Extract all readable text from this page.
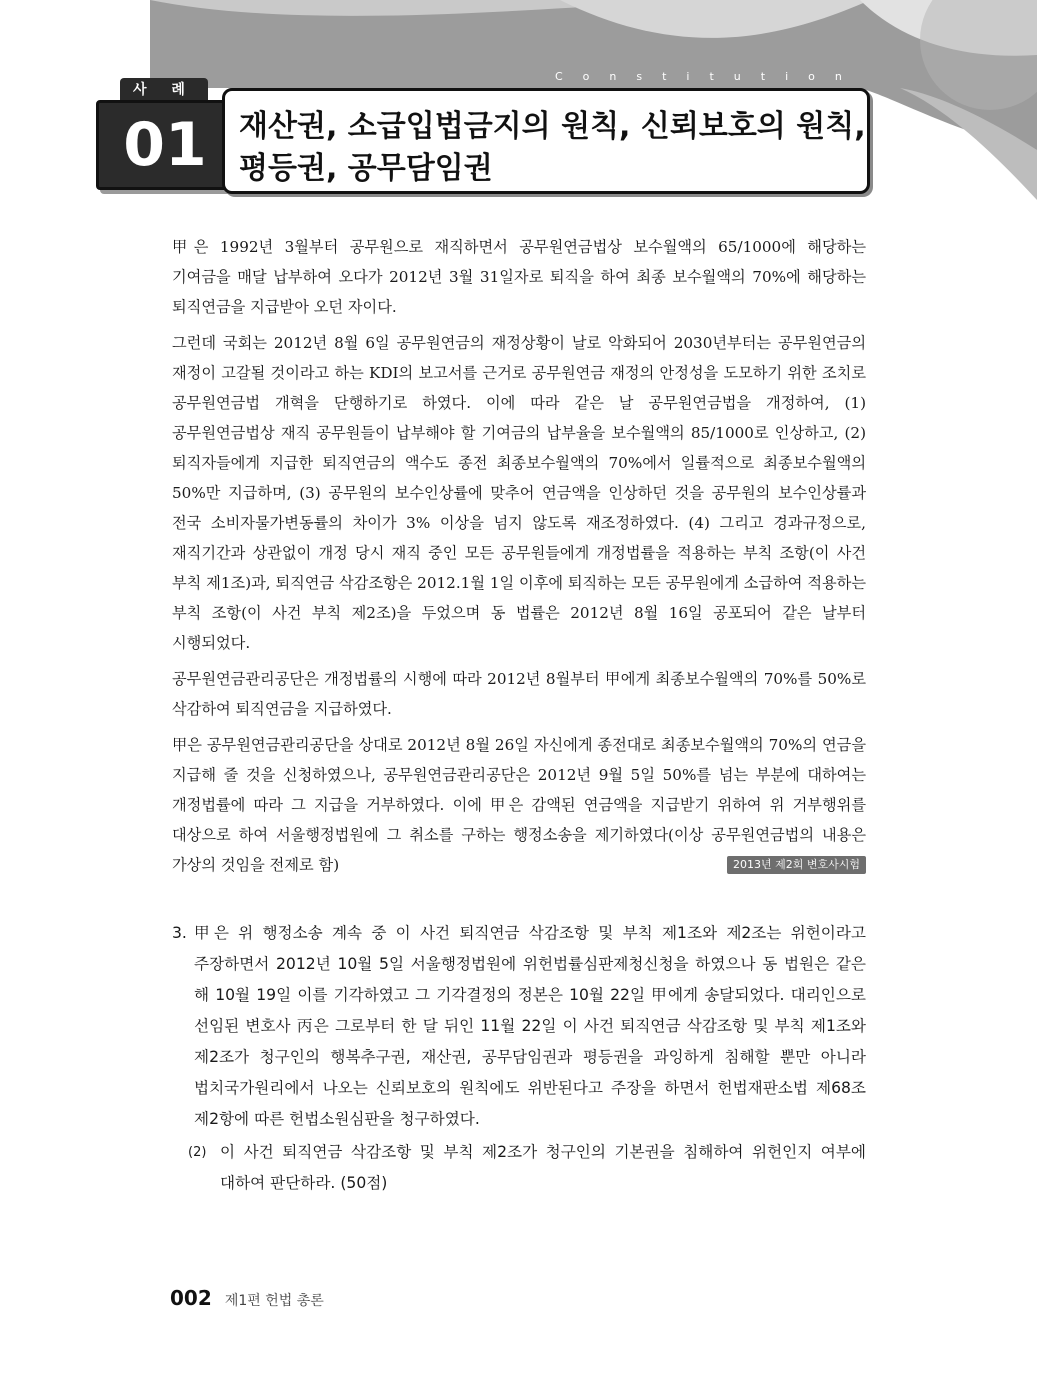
Constitution
사 례
01	재산권, 소급입법금지의 원칙, 신뢰보호의 원칙,
평등권, 공무담임권

甲은 1992년 3월부터 공무원으로 재직하면서 공무원연금법상 보수월액의 65/1000에 해당하는 기여금을 매달 납부하여 오다가 2012년 3월 31일자로 퇴직을 하여 최종 보수월액의 70%에 해당하는 퇴직연금을 지급받아 오던 자이다.

그런데 국회는 2012년 8월 6일 공무원연금의 재정상황이 날로 악화되어 2030년부터는 공무원연금의 재정이 고갈될 것이라고 하는 KDI의 보고서를 근거로 공무원연금 재정의 안정성을 도모하기 위한 조치로 공무원연금법 개혁을 단행하기로 하였다. 이에 따라 같은 날 공무원연금법을 개정하여, (1) 공무원연금법상 재직 공무원들이 납부해야 할 기여금의 납부율을 보수월액의 85/1000로 인상하고, (2) 퇴직자들에게 지급한 퇴직연금의 액수도 종전 최종보수월액의 70%에서 일률적으로 최종보수월액의 50%만 지급하며, (3) 공무원의 보수인상률에 맞추어 연금액을 인상하던 것을 공무원의 보수인상률과 전국 소비자물가변동률의 차이가 3% 이상을 넘지 않도록 재조정하였다. (4) 그리고 경과규정으로, 재직기간과 상관없이 개정 당시 재직 중인 모든 공무원들에게 개정법률을 적용하는 부칙 조항(이 사건 부칙 제1조)과, 퇴직연금 삭감조항은 2012.1월 1일 이후에 퇴직하는 모든 공무원에게 소급하여 적용하는 부칙 조항(이 사건 부칙 제2조)을 두었으며 동 법률은 2012년 8월 16일 공포되어 같은 날부터 시행되었다.

공무원연금관리공단은 개정법률의 시행에 따라 2012년 8월부터 甲에게 최종보수월액의 70%를 50%로 삭감하여 퇴직연금을 지급하였다.

甲은 공무원연금관리공단을 상대로 2012년 8월 26일 자신에게 종전대로 최종보수월액의 70%의 연금을 지급해 줄 것을 신청하였으나, 공무원연금관리공단은 2012년 9월 5일 50%를 넘는 부분에 대하여는 개정법률에 따라 그 지급을 거부하였다. 이에 甲은 감액된 연금액을 지급받기 위하여 위 거부행위를 대상으로 하여 서울행정법원에 그 취소를 구하는 행정소송을 제기하였다(이상 공무원연금법의 내용은 가상의 것임을 전제로 함)	2013년 제2회 변호사시험

3. 甲은 위 행정소송 계속 중 이 사건 퇴직연금 삭감조항 및 부칙 제1조와 제2조는 위헌이라고 주장하면서 2012년 10월 5일 서울행정법원에 위헌법률심판제청신청을 하였으나 동 법원은 같은 해 10월 19일 이를 기각하였고 그 기각결정의 정본은 10월 22일 甲에게 송달되었다. 대리인으로 선임된 변호사 丙은 그로부터 한 달 뒤인 11월 22일 이 사건 퇴직연금 삭감조항 및 부칙 제1조와 제2조가 청구인의 행복추구권, 재산권, 공무담임권과 평등권을 과잉하게 침해할 뿐만 아니라 법치국가원리에서 나오는 신뢰보호의 원칙에도 위반된다고 주장을 하면서 헌법재판소법 제68조 제2항에 따른 헌법소원심판을 청구하였다.
(2) 이 사건 퇴직연금 삭감조항 및 부칙 제2조가 청구인의 기본권을 침해하여 위헌인지 여부에 대하여 판단하라. (50점)
002 제1편 헌법 총론
